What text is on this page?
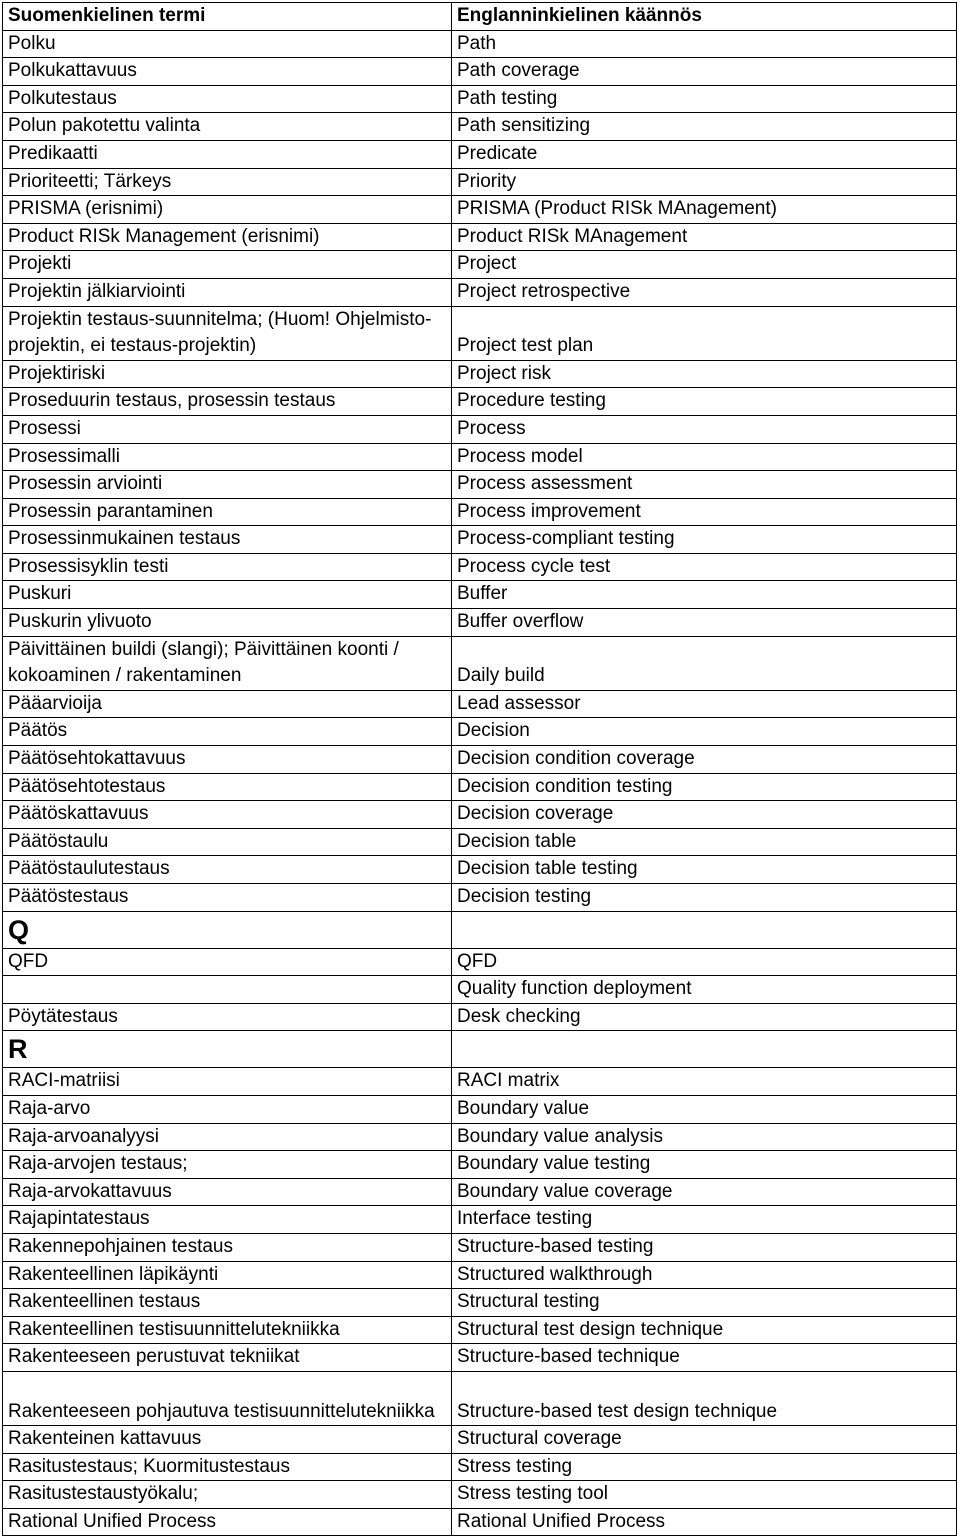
Suomenkielinen termi	Englanninkielinen käännös
Polku	Path
Polkukattavuus	Path coverage
Polkutestaus	Path testing
Polun pakotettu valinta	Path sensitizing
Predikaatti	Predicate
Prioriteetti; Tärkeys	Priority
PRISMA (erisnimi)	PRISMA (Product RISk MAnagement)
Product RISk Management (erisnimi)	Product RISk MAnagement
Projekti	Project
Projektin jälkiarviointi	Project retrospective
Projektin testaus-suunnitelma; (Huom! Ohjelmisto-projektin, ei testaus-projektin)	Project test plan
Projektiriski	Project risk
Proseduurin testaus, prosessin testaus	Procedure testing
Prosessi	Process
Prosessimalli	Process model
Prosessin arviointi	Process assessment
Prosessin parantaminen	Process improvement
Prosessinmukainen testaus	Process-compliant testing
Prosessisyklin testi	Process cycle test
Puskuri	Buffer
Puskurin ylivuoto	Buffer overflow
Päivittäinen buildi (slangi); Päivittäinen koonti / kokoaminen / rakentaminen	Daily build
Pääarvioija	Lead assessor
Päätös	Decision
Päätösehtokattavuus	Decision condition coverage
Päätösehtotestaus	Decision condition testing
Päätöskattavuus	Decision coverage
Päätöstaulu	Decision table
Päätöstaulutestaus	Decision table testing
Päätöstestaus	Decision testing
Q	
QFD	QFD
	Quality function deployment
Pöytätestaus	Desk checking
R	
RACI-matriisi	RACI matrix
Raja-arvo	Boundary value
Raja-arvoanalyysi	Boundary value analysis
Raja-arvojen testaus;	Boundary value testing
Raja-arvokattavuus	Boundary value coverage
Rajapintatestaus	Interface testing
Rakennepohjainen testaus	Structure-based testing
Rakenteellinen läpikäynti	Structured walkthrough
Rakenteellinen testaus	Structural testing
Rakenteellinen testisuunnittelutekniikka	Structural test design technique
Rakenteeseen perustuvat tekniikat	Structure-based technique
Rakenteeseen pohjautuva testisuunnittelutekniikka	Structure-based test design technique
Rakenteinen kattavuus	Structural coverage
Rasitustestaus; Kuormitustestaus	Stress testing
Rasitustestaustyökalu;	Stress testing tool
Rational Unified Process	Rational Unified Process
